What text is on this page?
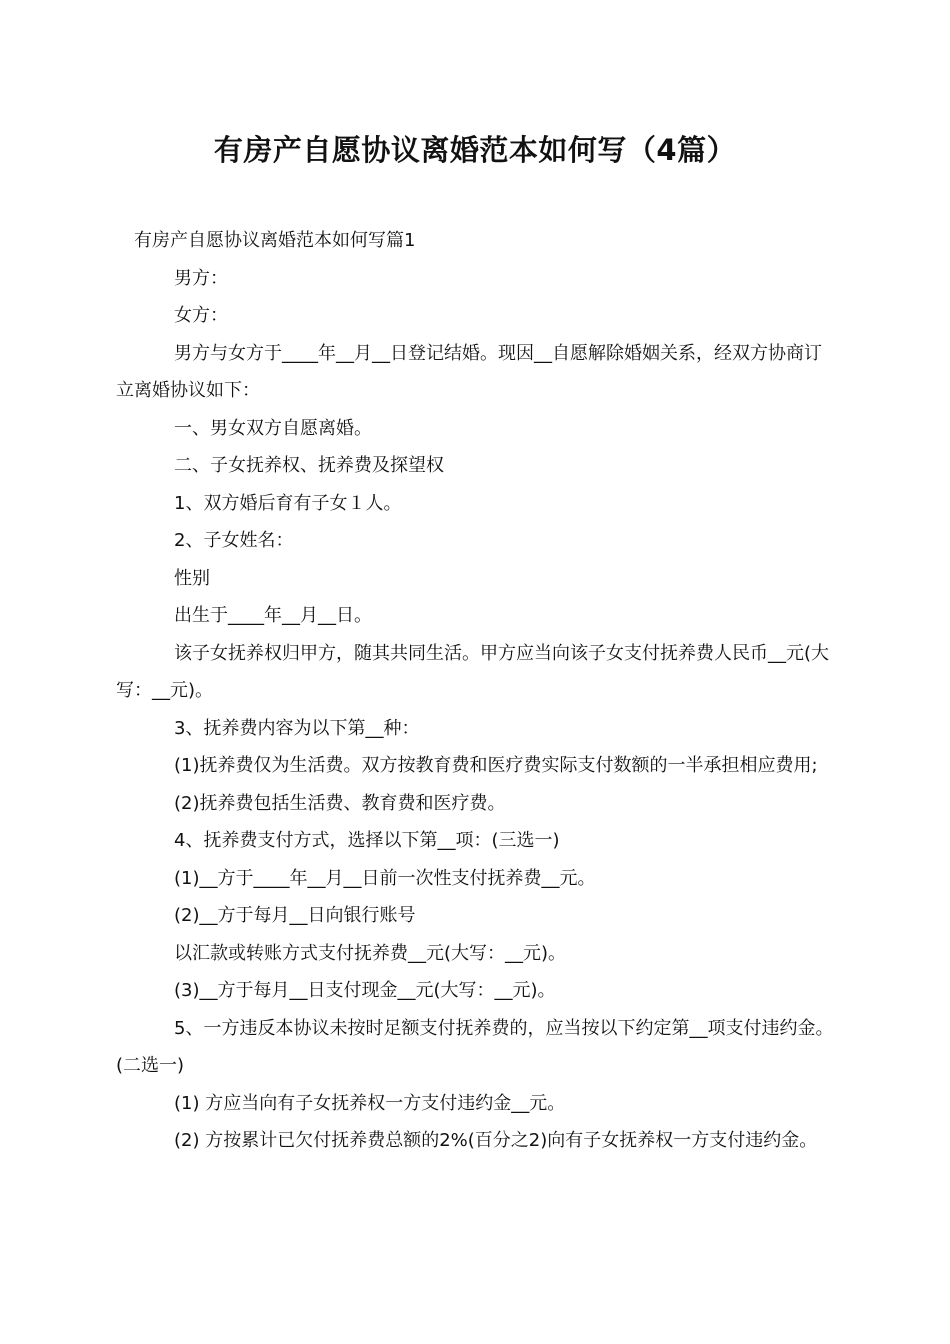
有房产自愿协议离婚范本如何写（4篇）

有房产自愿协议离婚范本如何写篇1

男方：

女方：

男方与女方于____年__月__日登记结婚。现因__自愿解除婚姻关系，经双方协商订立离婚协议如下：

一、男女双方自愿离婚。

二、子女抚养权、抚养费及探望权

1、双方婚后育有子女１人。

2、子女姓名：

性别

出生于____年__月__日。

该子女抚养权归甲方，随其共同生活。甲方应当向该子女支付抚养费人民币__元(大写：__元)。

3、抚养费内容为以下第__种：

(1)抚养费仅为生活费。双方按教育费和医疗费实际支付数额的一半承担相应费用;

(2)抚养费包括生活费、教育费和医疗费。

4、抚养费支付方式，选择以下第__项：(三选一)

(1)__方于____年__月__日前一次性支付抚养费__元。

(2)__方于每月__日向银行账号

以汇款或转账方式支付抚养费__元(大写：__元)。

(3)__方于每月__日支付现金__元(大写：__元)。

5、一方违反本协议未按时足额支付抚养费的，应当按以下约定第__项支付违约金。(二选一)

(1) 方应当向有子女抚养权一方支付违约金__元。

(2) 方按累计已欠付抚养费总额的2%(百分之2)向有子女抚养权一方支付违约金。
